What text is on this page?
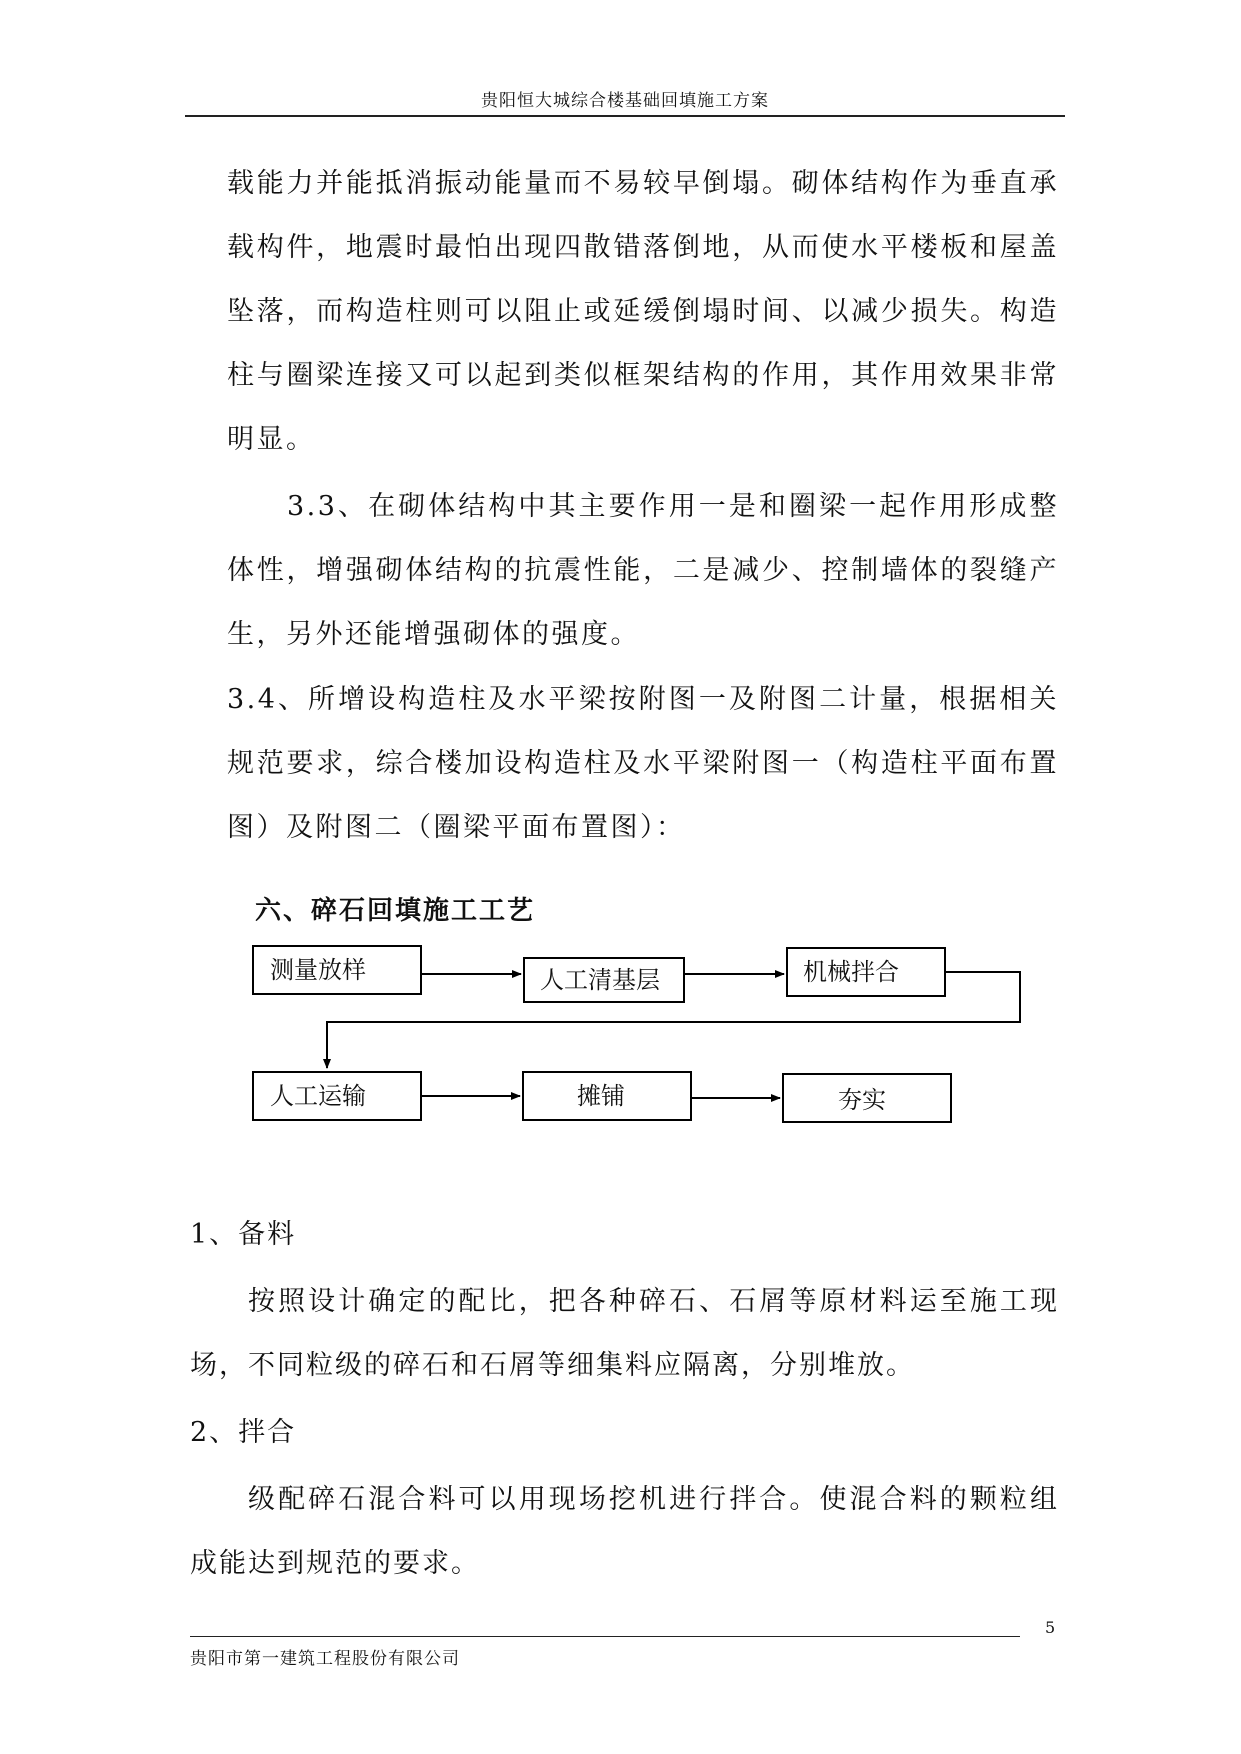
贵阳恒大城综合楼基础回填施工方案

载能力并能抵消振动能量而不易较早倒塌。砌体结构作为垂直承载构件，地震时最怕出现四散错落倒地，从而使水平楼板和屋盖坠落，而构造柱则可以阻止或延缓倒塌时间、以减少损失。构造柱与圈梁连接又可以起到类似框架结构的作用，其作用效果非常明显。

3.3、在砌体结构中其主要作用一是和圈梁一起作用形成整体性，增强砌体结构的抗震性能，二是减少、控制墙体的裂缝产生，另外还能增强砌体的强度。

3.4、所增设构造柱及水平梁按附图一及附图二计量，根据相关规范要求，综合楼加设构造柱及水平梁附图一（构造柱平面布置图）及附图二（圈梁平面布置图）：

六、碎石回填施工工艺
测量放样	人工清基层	机械拌合
人工运输	摊铺	夯实
1、备料

按照设计确定的配比，把各种碎石、石屑等原材料运至施工现场，不同粒级的碎石和石屑等细集料应隔离，分别堆放。

2、拌合

级配碎石混合料可以用现场挖机进行拌合。使混合料的颗粒组成能达到规范的要求。

5
贵阳市第一建筑工程股份有限公司
